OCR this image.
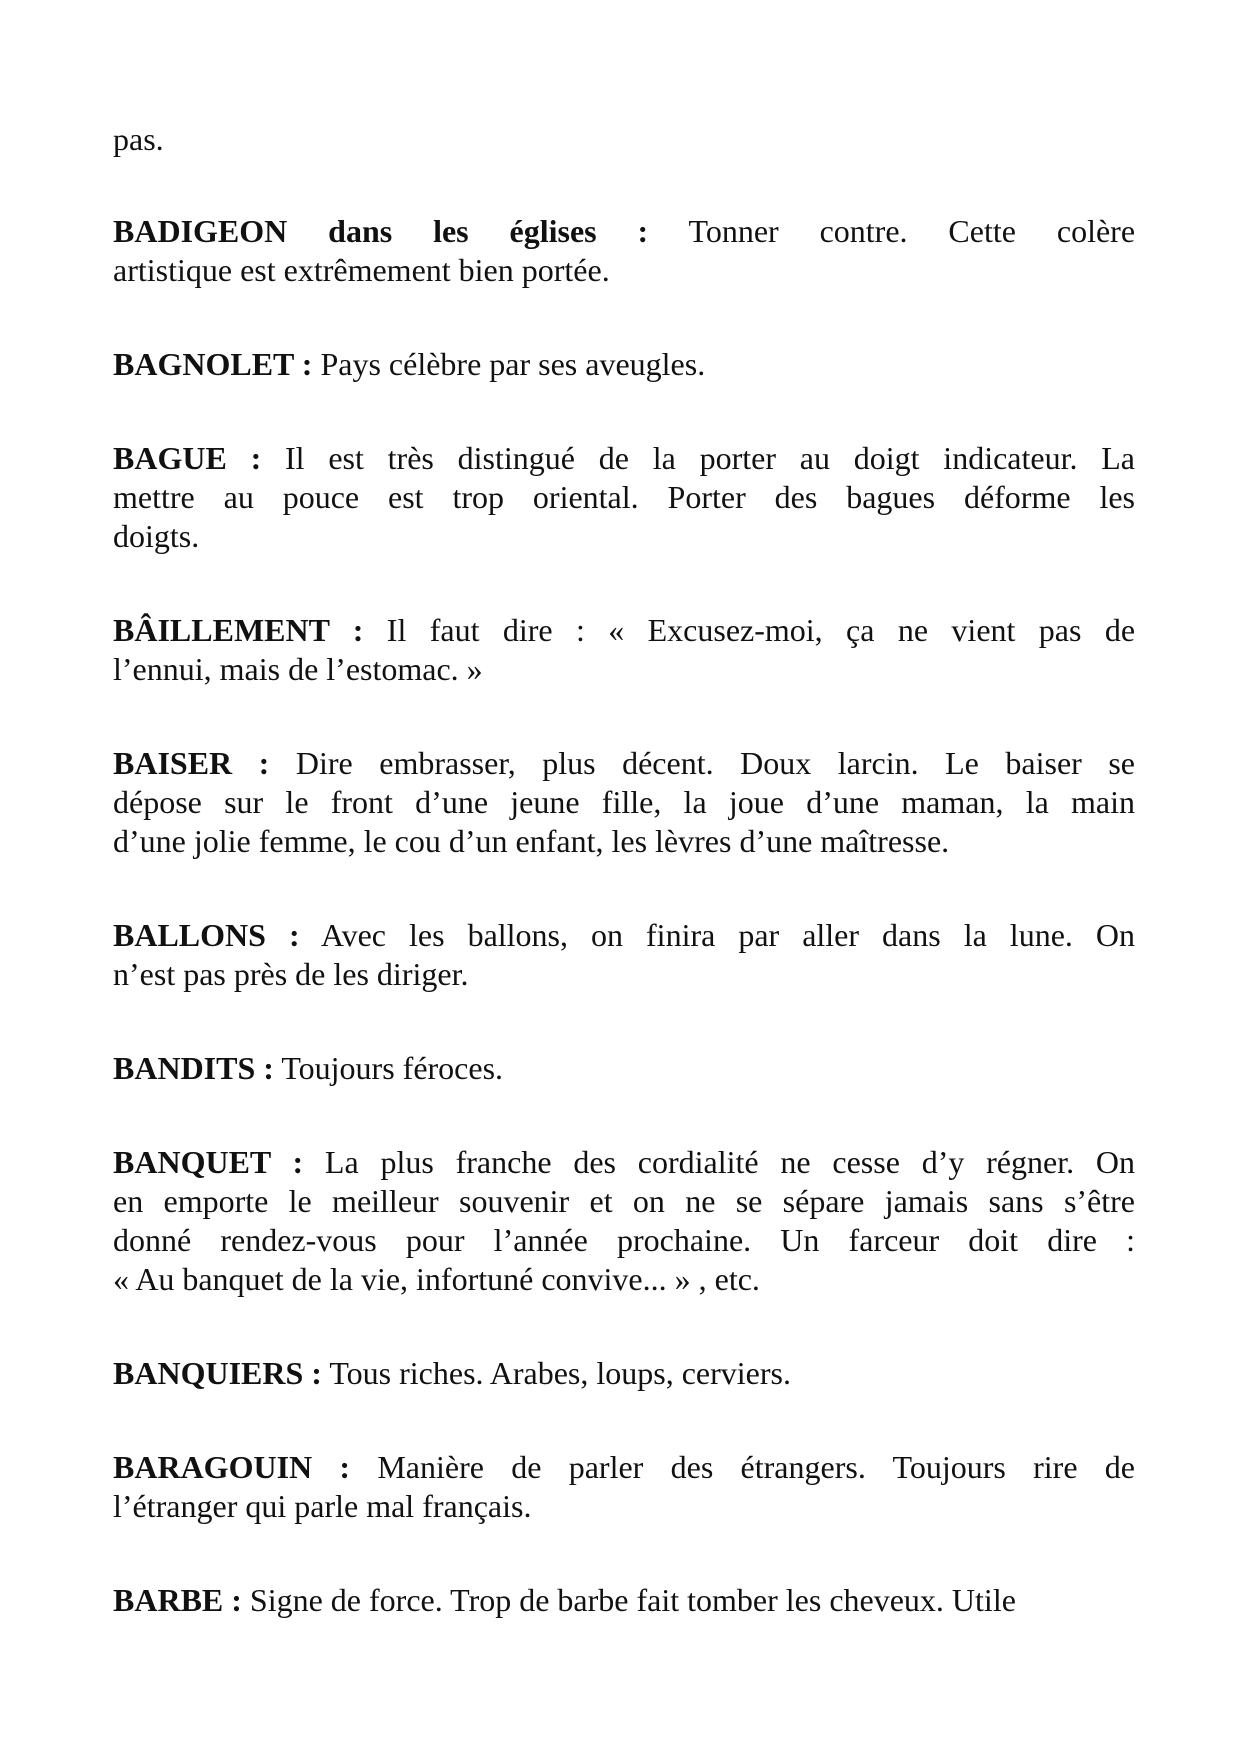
pas.
BADIGEON dans les églises : Tonner contre. Cette colère
artistique est extrêmement bien portée.
BAGNOLET : Pays célèbre par ses aveugles.
BAGUE : Il est très distingué de la porter au doigt indicateur. La
mettre au pouce est trop oriental. Porter des bagues déforme les
doigts.
BÂILLEMENT : Il faut dire : « Excusez-moi, ça ne vient pas de
l’ennui, mais de l’estomac. »
BAISER : Dire embrasser, plus décent. Doux larcin. Le baiser se
dépose sur le front d’une jeune fille, la joue d’une maman, la main
d’une jolie femme, le cou d’un enfant, les lèvres d’une maîtresse.
BALLONS : Avec les ballons, on finira par aller dans la lune. On
n’est pas près de les diriger.
BANDITS : Toujours féroces.
BANQUET : La plus franche des cordialité ne cesse d’y régner. On
en emporte le meilleur souvenir et on ne se sépare jamais sans s’être
donné rendez-vous pour l’année prochaine. Un farceur doit dire :
« Au banquet de la vie, infortuné convive... » , etc.
BANQUIERS : Tous riches. Arabes, loups, cerviers.
BARAGOUIN : Manière de parler des étrangers. Toujours rire de
l’étranger qui parle mal français.
BARBE : Signe de force. Trop de barbe fait tomber les cheveux. Utile
